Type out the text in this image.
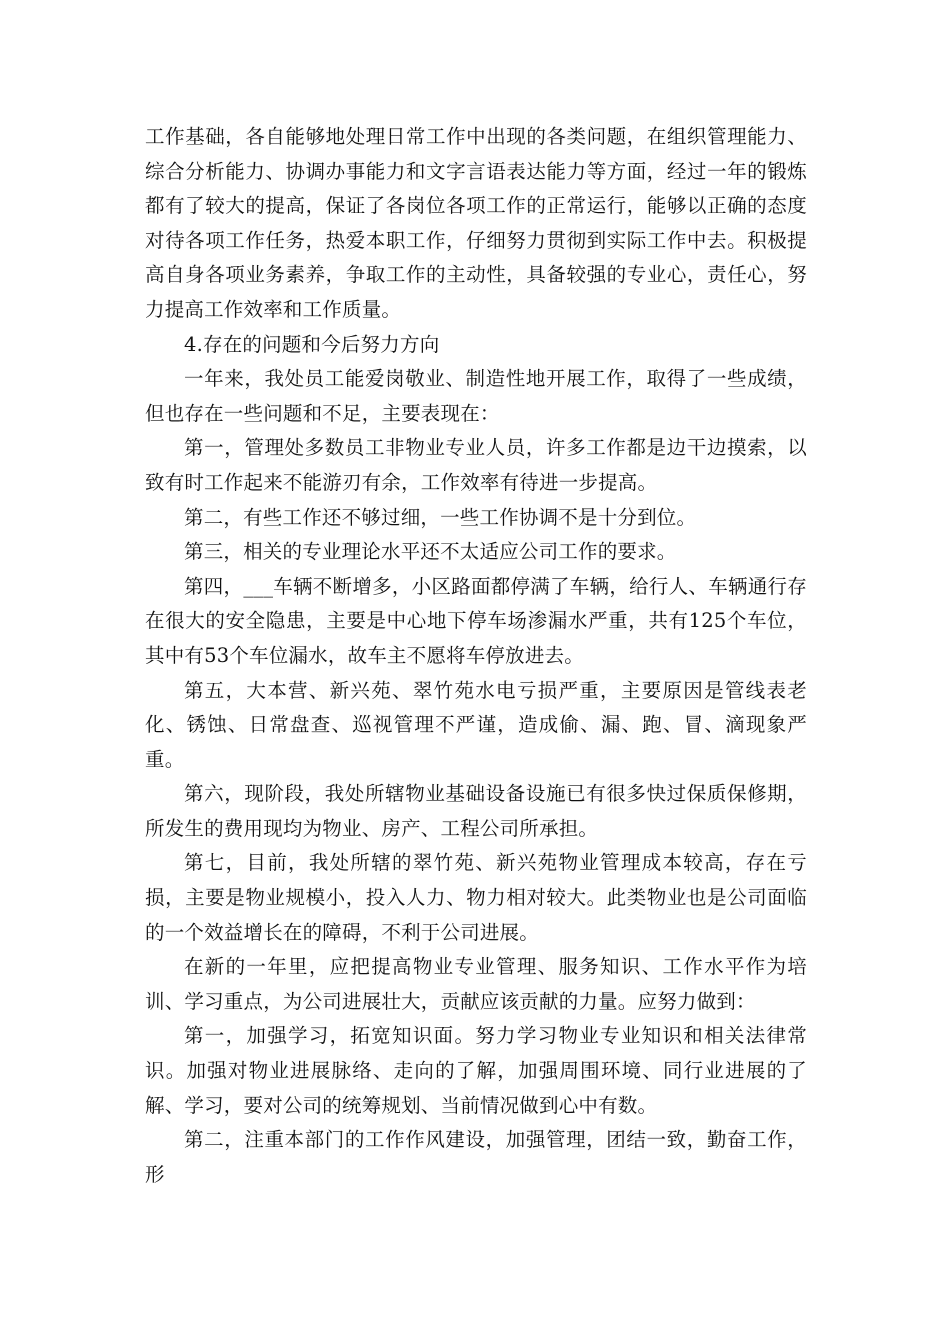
工作基础，各自能够地处理日常工作中出现的各类问题，在组织管理能力、综合分析能力、协调办事能力和文字言语表达能力等方面，经过一年的锻炼都有了较大的提高，保证了各岗位各项工作的正常运行，能够以正确的态度对待各项工作任务，热爱本职工作，仔细努力贯彻到实际工作中去。积极提高自身各项业务素养，争取工作的主动性，具备较强的专业心，责任心，努力提高工作效率和工作质量。

4.存在的问题和今后努力方向

一年来，我处员工能爱岗敬业、制造性地开展工作，取得了一些成绩，但也存在一些问题和不足，主要表现在：

第一，管理处多数员工非物业专业人员，许多工作都是边干边摸索，以致有时工作起来不能游刃有余，工作效率有待进一步提高。

第二，有些工作还不够过细，一些工作协调不是十分到位。

第三，相关的专业理论水平还不太适应公司工作的要求。

第四，___车辆不断增多，小区路面都停满了车辆，给行人、车辆通行存在很大的安全隐患，主要是中心地下停车场渗漏水严重，共有125个车位，其中有53个车位漏水，故车主不愿将车停放进去。

第五，大本营、新兴苑、翠竹苑水电亏损严重，主要原因是管线表老化、锈蚀、日常盘查、巡视管理不严谨，造成偷、漏、跑、冒、滴现象严重。

第六，现阶段，我处所辖物业基础设备设施已有很多快过保质保修期，所发生的费用现均为物业、房产、工程公司所承担。

第七，目前，我处所辖的翠竹苑、新兴苑物业管理成本较高，存在亏损，主要是物业规模小，投入人力、物力相对较大。此类物业也是公司面临的一个效益增长在的障碍，不利于公司进展。

在新的一年里，应把提高物业专业管理、服务知识、工作水平作为培训、学习重点，为公司进展壮大，贡献应该贡献的力量。应努力做到：

第一，加强学习，拓宽知识面。努力学习物业专业知识和相关法律常识。加强对物业进展脉络、走向的了解，加强周围环境、同行业进展的了解、学习，要对公司的统筹规划、当前情况做到心中有数。

第二，注重本部门的工作作风建设，加强管理，团结一致，勤奋工作，形
